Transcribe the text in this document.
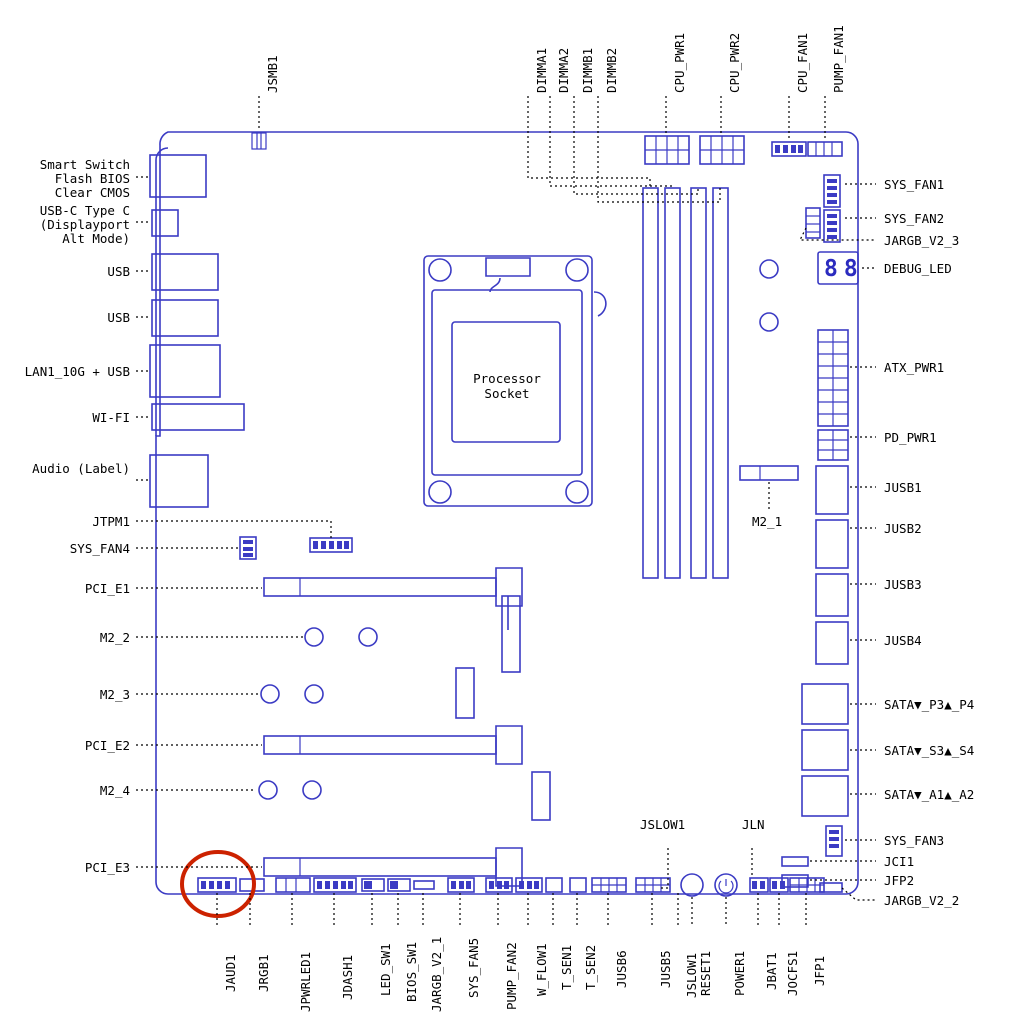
88
Processor
Socket
JSMB1	DIMMA1 DIMMA2 DIMMB1 DIMMB2	CPU_PWR1	CPU_PWR2	CPU_FAN1 PUMP_FAN1
Smart Switch
Flash BIOS
Clear CMOS
USB-C Type C
(Displayport
Alt Mode)
USB
USB
LAN1_10G + USB
WI-FI
Audio (Label)
JTPM1
SYS_FAN4
PCI_E1
M2_2
M2_3
PCI_E2
M2_4
PCI_E3
SYS_FAN1
SYS_FAN2
JARGB_V2_3
DEBUG_LED
ATX_PWR1
PD_PWR1
JUSB1
JUSB2
JUSB3
JUSB4
SATA▼_P3▲_P4
SATA▼_S3▲_S4
SATA▼_A1▲_A2
SYS_FAN3
JCI1
JFP2
JARGB_V2_2
M2_1
JSLOW1	JLN
JAUD1 JRGB1 JPWRLED1 JDASH1 LED_SW1 BIOS_SW1 JARGB_V2_1 SYS_FAN5 PUMP_FAN2 W_FLOW1 T_SEN1 T_SEN2 JUSB6 JUSB5 JSLOW1 RESET1 POWER1 JBAT1 JOCFS1 JFP1
